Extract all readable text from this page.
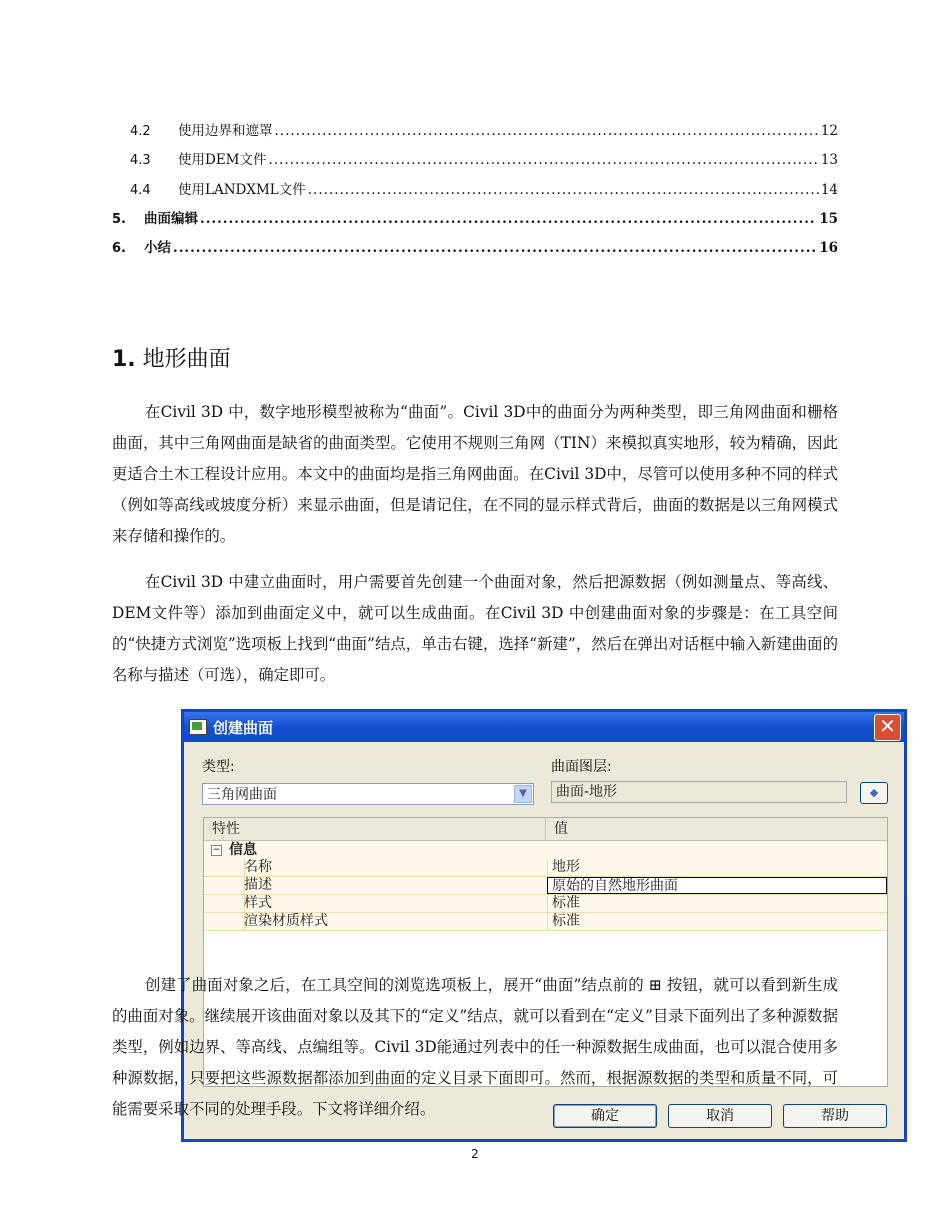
4.2	使用边界和遮罩 .....	12
4.3	使用DEM文件 .....	13
4.4	使用LANDXML文件 .....	14
5.	曲面编辑 .....	15
6.	小结 .....	16
1. 地形曲面

在Civil 3D 中，数字地形模型被称为“曲面”。Civil 3D中的曲面分为两种类型，即三角网曲面和栅格曲面，其中三角网曲面是缺省的曲面类型。它使用不规则三角网（TIN）来模拟真实地形，较为精确，因此更适合土木工程设计应用。本文中的曲面均是指三角网曲面。在Civil 3D中，尽管可以使用多种不同的样式（例如等高线或坡度分析）来显示曲面，但是请记住，在不同的显示样式背后，曲面的数据是以三角网模式来存储和操作的。

在Civil 3D 中建立曲面时，用户需要首先创建一个曲面对象，然后把源数据（例如测量点、等高线、DEM文件等）添加到曲面定义中，就可以生成曲面。在Civil 3D 中创建曲面对象的步骤是：在工具空间的“快捷方式浏览”选项板上找到“曲面”结点，单击右键，选择“新建”，然后在弹出对话框中输入新建曲面的名称与描述（可选），确定即可。

创建曲面	✕
类型:
三角网曲面	▼
曲面图层:
曲面-地形	◆
特性	值
− 信息
名称	地形
描述	原始的自然地形曲面
样式	标准
渲染材质样式	标准
确定	取消	帮助

创建了曲面对象之后，在工具空间的浏览选项板上，展开“曲面”结点前的 ⊞ 按钮，就可以看到新生成的曲面对象。继续展开该曲面对象以及其下的“定义”结点，就可以看到在“定义”目录下面列出了多种源数据类型，例如边界、等高线、点编组等。Civil 3D能通过列表中的任一种源数据生成曲面，也可以混合使用多种源数据，只要把这些源数据都添加到曲面的定义目录下面即可。然而，根据源数据的类型和质量不同，可能需要采取不同的处理手段。下文将详细介绍。

2
